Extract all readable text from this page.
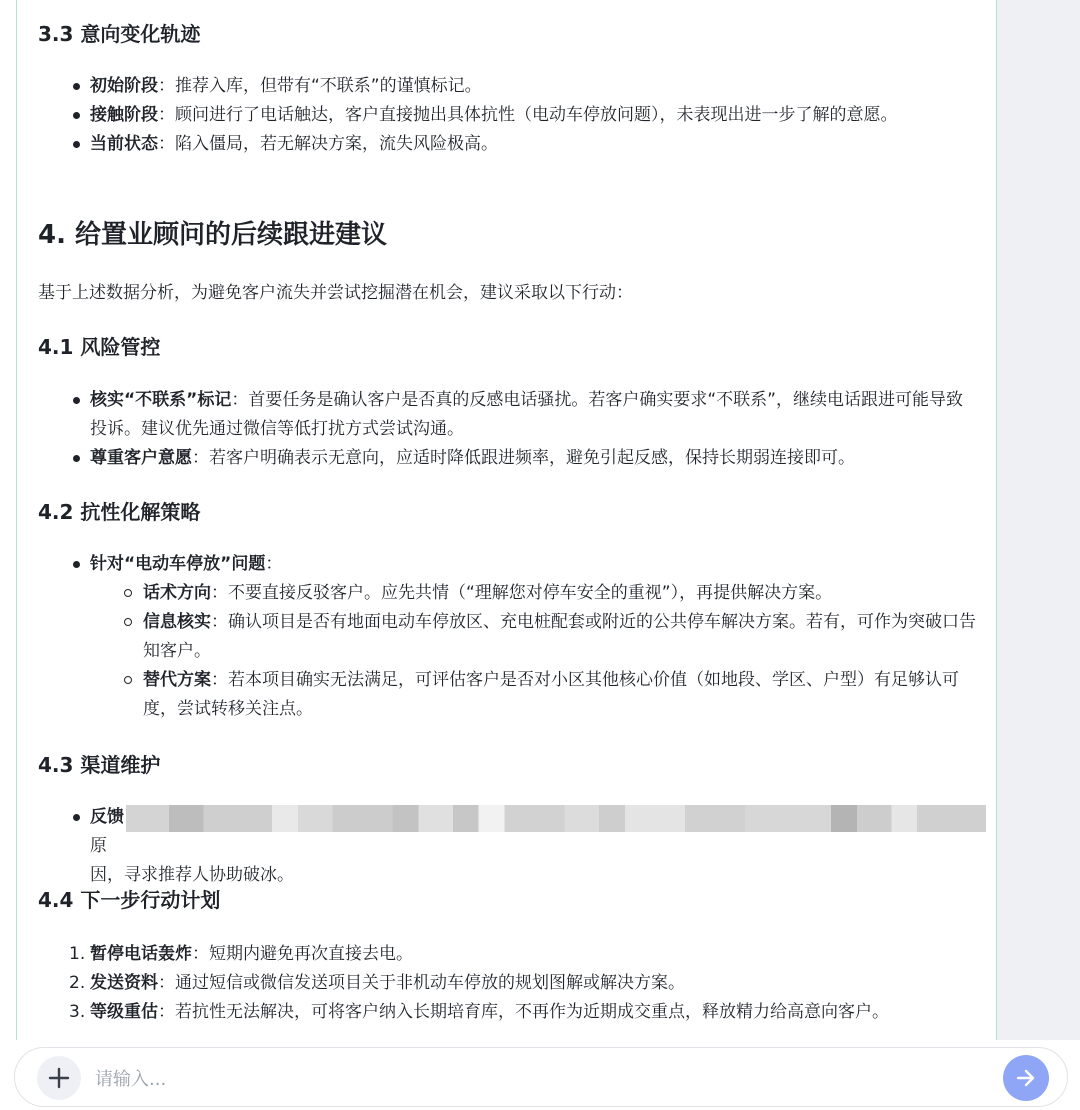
3.3 意向变化轨迹
初始阶段：推荐入库，但带有“不联系”的谨慎标记。
接触阶段：顾问进行了电话触达，客户直接抛出具体抗性（电动车停放问题），未表现出进一步了解的意愿。
当前状态：陷入僵局，若无解决方案，流失风险极高。
4. 给置业顾问的后续跟进建议

基于上述数据分析，为避免客户流失并尝试挖掘潜在机会，建议采取以下行动：

4.1 风险管控
核实“不联系”标记：首要任务是确认客户是否真的反感电话骚扰。若客户确实要求“不联系”，继续电话跟进可能导致投诉。建议优先通过微信等低打扰方式尝试沟通。
尊重客户意愿：若客户明确表示无意向，应适时降低跟进频率，避免引起反感，保持长期弱连接即可。
4.2 抗性化解策略
针对“电动车停放”问题：
话术方向：不要直接反驳客户。应先共情（“理解您对停车安全的重视”），再提供解决方案。
信息核实：确认项目是否有地面电动车停放区、充电桩配套或附近的公共停车解决方案。若有，可作为突破口告知客户。
替代方案：若本项目确实无法满足，可评估客户是否对小区其他核心价值（如地段、学区、户型）有足够认可度，尝试转移关注点。
4.3 渠道维护
反馈 原
因，寻求推荐人协助破冰。
4.4 下一步行动计划
1. 暂停电话轰炸：短期内避免再次直接去电。
2. 发送资料：通过短信或微信发送项目关于非机动车停放的规划图解或解决方案。
3. 等级重估：若抗性无法解决，可将客户纳入长期培育库，不再作为近期成交重点，释放精力给高意向客户。
请输入...
